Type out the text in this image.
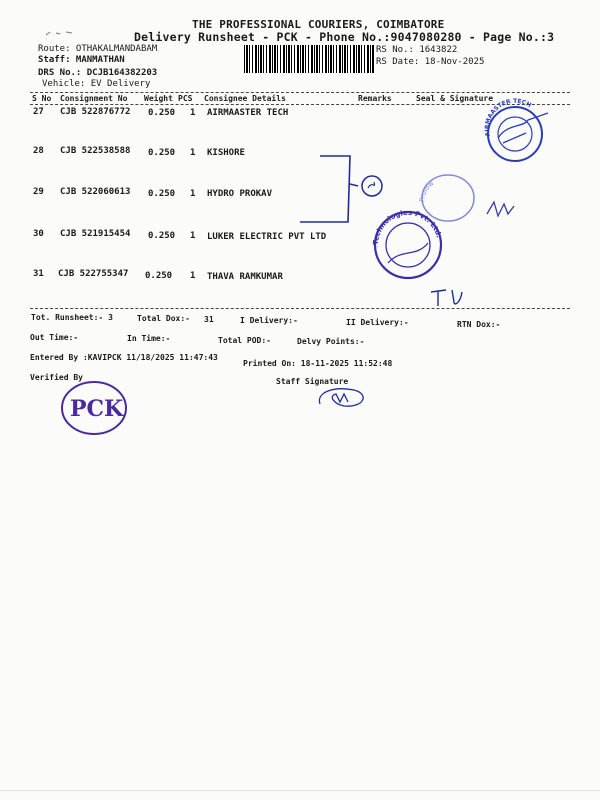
THE PROFESSIONAL COURIERS, COIMBATORE
Delivery Runsheet - PCK - Phone No.:9047080280 - Page No.:3
Route: OTHAKALMANDABAM
Staff: MANMATHAN
DRS No.: DCJB164382203
Vehicle: EV Delivery
RS No.: 1643822
RS Date: 18-Nov-2025
S No Consignment No Weight PCS Consignee Details	Remarks	Seal & Signature
27 CJB 522876772 0.250 1 AIRMAASTER TECH
28 CJB 522538588 0.250 1 KISHORE
29 CJB 522060613 0.250 1 HYDRO PROKAV
30 CJB 521915454 0.250 1 LUKER ELECTRIC PVT LTD
31 CJB 522755347 0.250 1 THAVA RAMKUMAR
Tot. Runsheet:- 3	Total Dox:- 31	I Delivery:-	II Delivery:-	RTN Dox:-
Out Time:-	In Time:-	Total POD:-	Delvy Points:-
Entered By :KAVIPCK 11/18/2025 11:47:43
Printed On: 18-11-2025 11:52:48
Verified By	Staff Signature
AIRMAASTER TECH
Technologies Pvt. Ltd.
Prolow
PCK
